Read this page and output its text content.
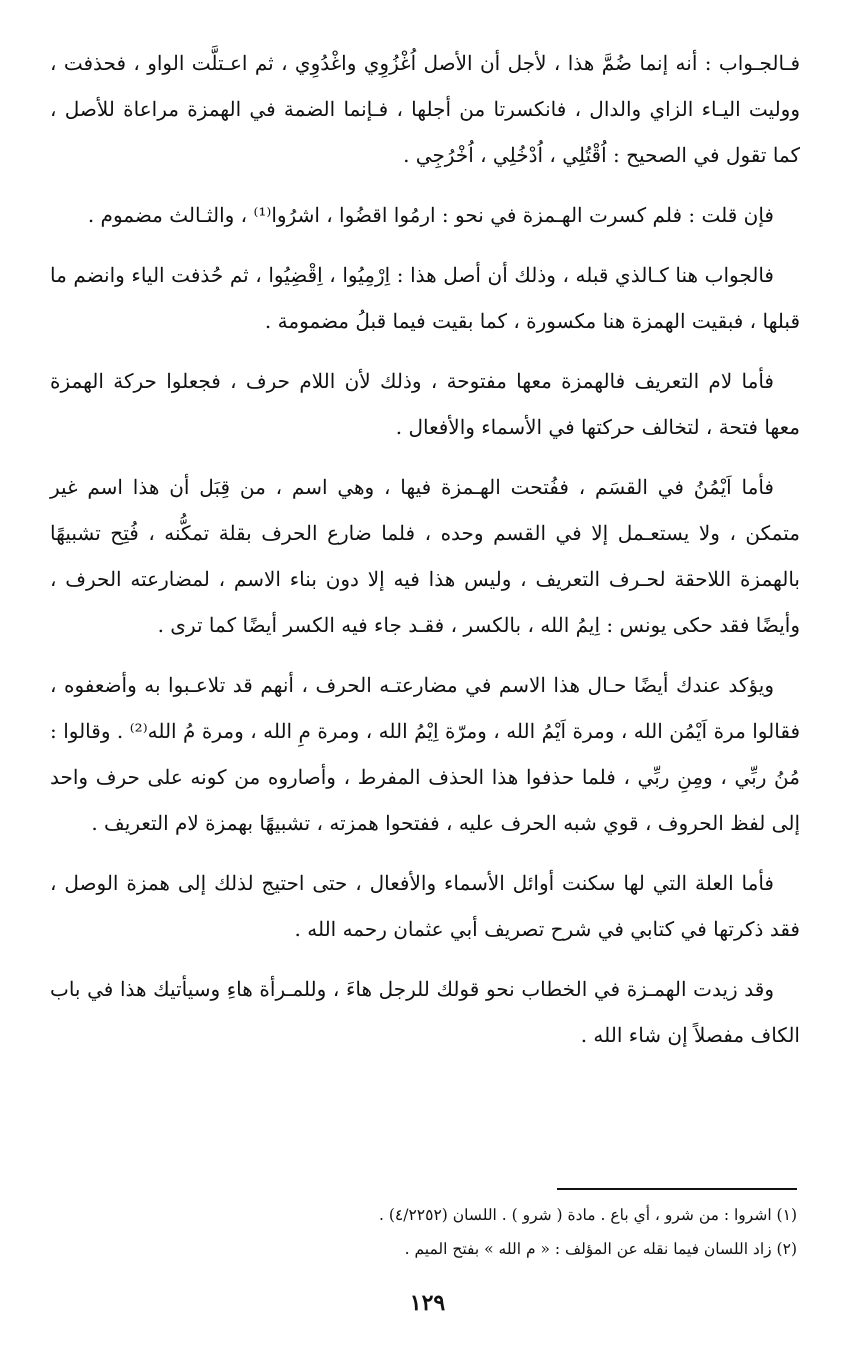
فـالجـواب : أنه إنما ضُمَّ هذا ، لأجل أن الأصل اُغْزُوِي واغْدُوِي ، ثم اعـتلَّت الواو ، فحذفت ، ووليت اليـاء الزاي والدال ، فانكسرتا من أجلها ، فـإنما الضمة في الهمزة مراعاة للأصل ، كما تقول في الصحيح : اُقْتُلِي ، اُدْخُلِي ، اُخْرُجِي .

فإن قلت : فلم كسرت الهـمزة في نحو : ارمُوا اقضُوا ، اشرُوا⁽¹⁾ ، والثـالث مضموم .

فالجواب هنا كـالذي قبله ، وذلك أن أصل هذا : اِرْمِيُوا ، اِقْضِيُوا ، ثم حُذفت الياء وانضم ما قبلها ، فبقيت الهمزة هنا مكسورة ، كما بقيت فيما قبلُ مضمومة .

فأما لام التعريف فالهمزة معها مفتوحة ، وذلك لأن اللام حرف ، فجعلوا حركة الهمزة معها فتحة ، لتخالف حركتها في الأسماء والأفعال .

فأما اَيْمُنُ في القسَم ، ففُتحت الهـمزة فيها ، وهي اسم ، من قِبَل أن هذا اسم غير متمكن ، ولا يستعـمل إلا في القسم وحده ، فلما ضارع الحرف بقلة تمكُّنه ، فُتِح تشبيهًا بالهمزة اللاحقة لحـرف التعريف ، وليس هذا فيه إلا دون بناء الاسم ، لمضارعته الحرف ، وأيضًا فقد حكى يونس : اِيمُ الله ، بالكسر ، فقـد جاء فيه الكسر أيضًا كما ترى .

ويؤكد عندك أيضًا حـال هذا الاسم في مضارعتـه الحرف ، أنهم قد تلاعـبوا به وأضعفوه ، فقالوا مرة اَيْمُن الله ، ومرة اَيْمُ الله ، ومرّة اِيْمُ الله ، ومرة مِ الله ، ومرة مُ الله⁽²⁾ . وقالوا : مُنُ ربِّي ، ومِنِ ربِّي ، فلما حذفوا هذا الحذف المفرط ، وأصاروه من كونه على حرف واحد إلى لفظ الحروف ، قوي شبه الحرف عليه ، ففتحوا همزته ، تشبيهًا بهمزة لام التعريف .

فأما العلة التي لها سكنت أوائل الأسماء والأفعال ، حتى احتيج لذلك إلى همزة الوصل ، فقد ذكرتها في كتابي في شرح تصريف أبي عثمان رحمه الله .

وقد زيدت الهمـزة في الخطاب نحو قولك للرجل هاءَ ، وللمـرأة هاءِ وسيأتيك هذا في باب الكاف مفصلاً إن شاء الله .

(١) اشروا : من شرو ، أي باع . مادة ( شرو ) . اللسان (٤/٢٢٥٢) .

(٢) زاد اللسان فيما نقله عن المؤلف : « م الله » بفتح الميم .

١٢٩
